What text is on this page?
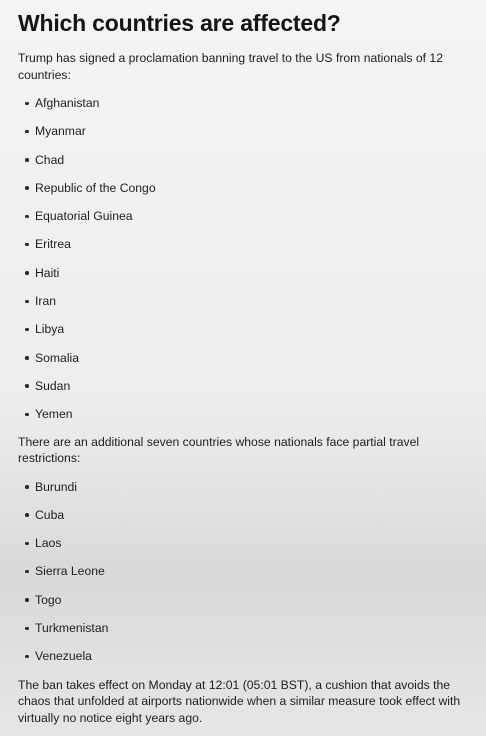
Which countries are affected?

Trump has signed a proclamation banning travel to the US from nationals of 12 countries:

Afghanistan
Myanmar
Chad
Republic of the Congo
Equatorial Guinea
Eritrea
Haiti
Iran
Libya
Somalia
Sudan
Yemen

There are an additional seven countries whose nationals face partial travel restrictions:

Burundi
Cuba
Laos
Sierra Leone
Togo
Turkmenistan
Venezuela

The ban takes effect on Monday at 12:01 (05:01 BST), a cushion that avoids the chaos that unfolded at airports nationwide when a similar measure took effect with virtually no notice eight years ago.
